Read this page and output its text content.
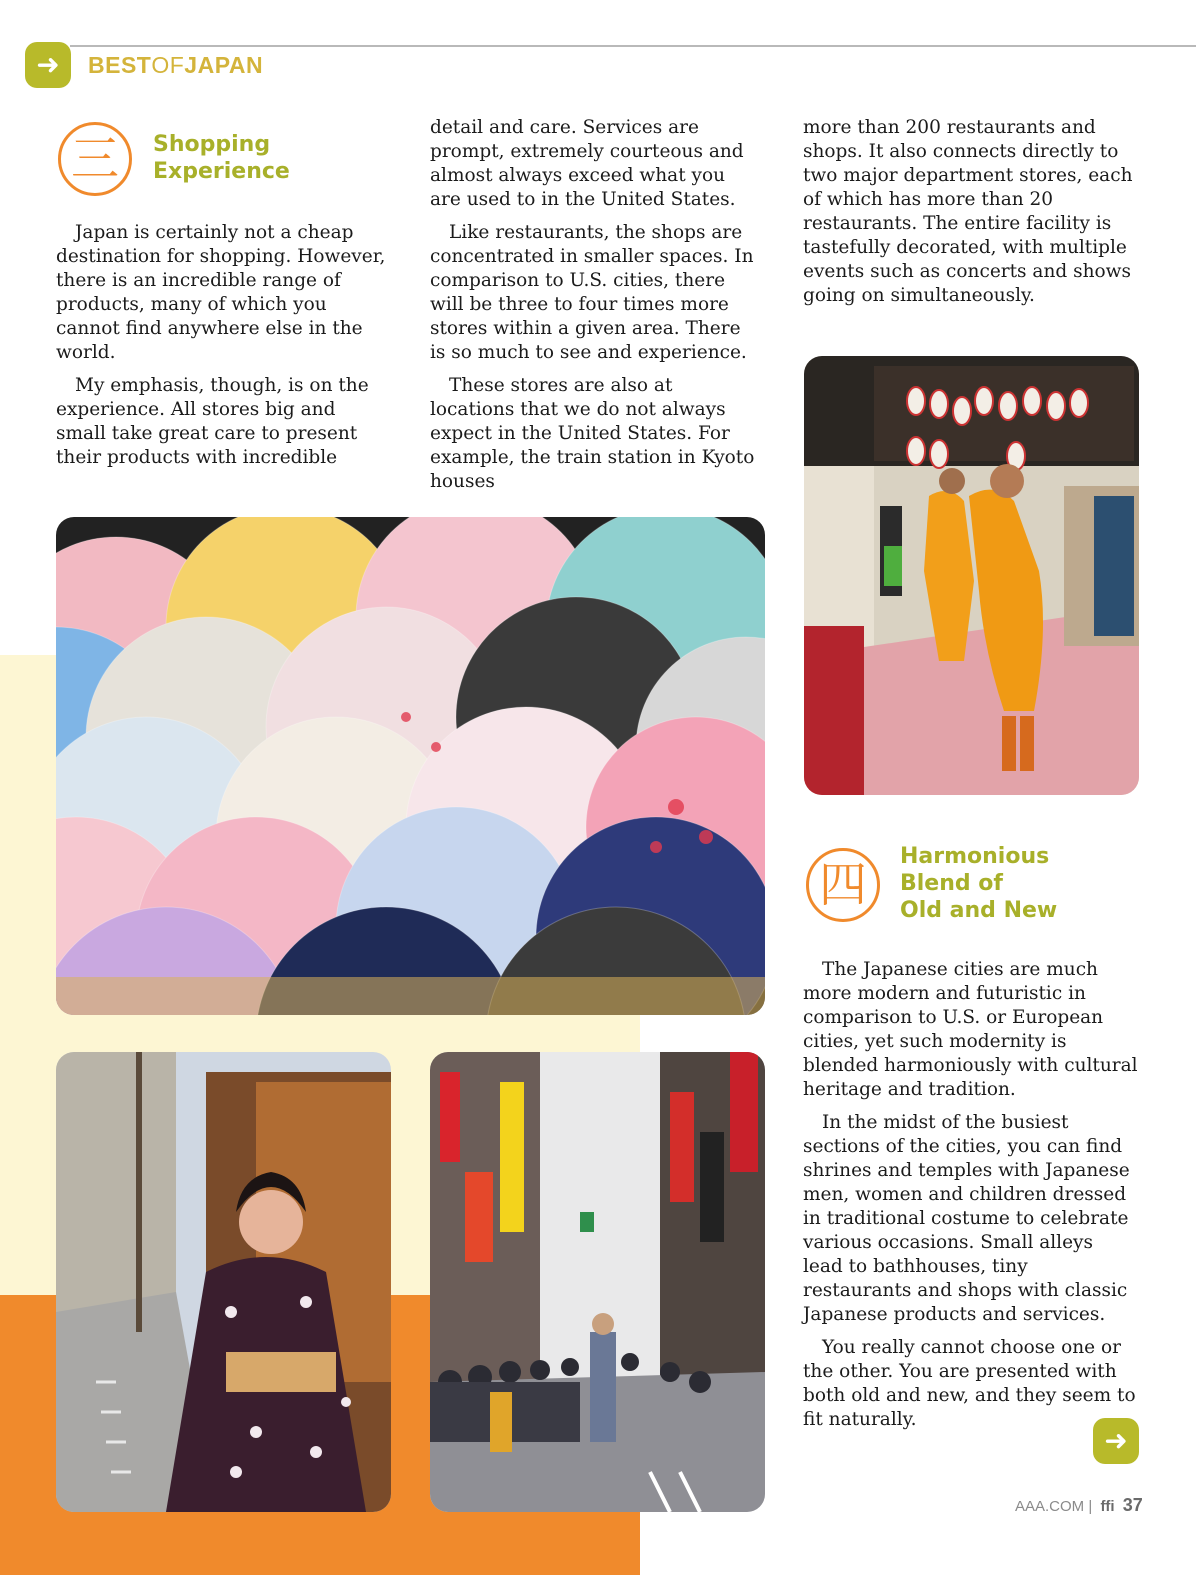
➜	BESTOFJAPAN
三	Shopping
Experience

Japan is certainly not a cheap destination for shopping. However, there is an incredible range of products, many of which you cannot find anywhere else in the world.

My emphasis, though, is on the experience. All stores big and small take great care to present their products with incredible

detail and care. Services are prompt, extremely courteous and almost always exceed what you are used to in the United States.

Like restaurants, the shops are concentrated in smaller spaces. In comparison to U.S. cities, there will be three to four times more stores within a given area. There is so much to see and experience.

These stores are also at locations that we do not always expect in the United States. For example, the train station in Kyoto houses

more than 200 restaurants and shops. It also connects directly to two major department stores, each of which has more than 20 restaurants. The entire facility is tastefully decorated, with multiple events such as concerts and shows going on simultaneously.

四
Harmonious
Blend of
Old and New

The Japanese cities are much more modern and futuristic in comparison to U.S. or European cities, yet such modernity is blended harmoniously with cultural heritage and tradition.

In the midst of the busiest sections of the cities, you can find shrines and temples with Japanese men, women and children dressed in traditional costume to celebrate various occasions. Small alleys lead to bathhouses, tiny restaurants and shops with classic Japanese products and services.

You really cannot choose one or the other. You are presented with both old and new, and they seem to fit naturally.

➜
AAA.COM | ffi 37
